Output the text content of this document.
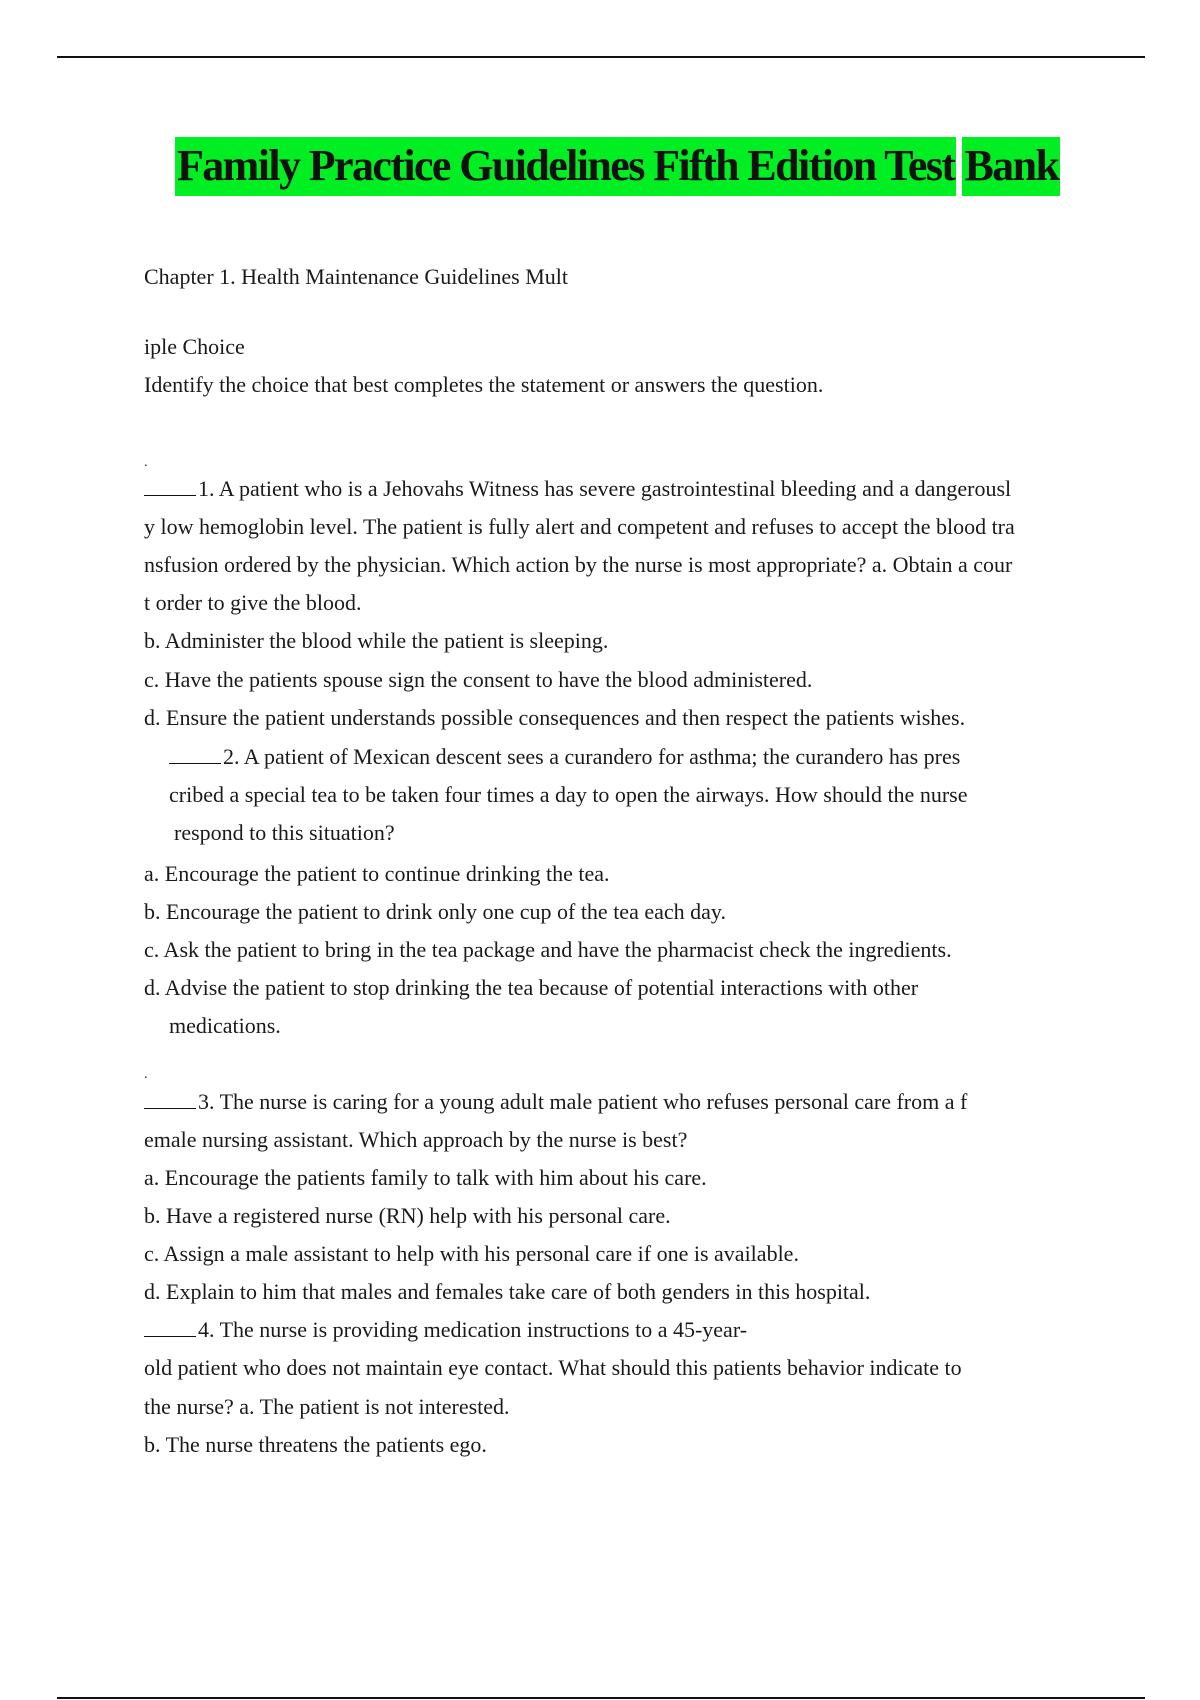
Family Practice Guidelines Fifth Edition Test Bank
Chapter 1. Health Maintenance Guidelines Mult
iple Choice
Identify the choice that best completes the statement or answers the question.
.
1. A patient who is a Jehovahs Witness has severe gastrointestinal bleeding and a dangerousl
y low hemoglobin level. The patient is fully alert and competent and refuses to accept the blood tra
nsfusion ordered by the physician. Which action by the nurse is most appropriate? a. Obtain a cour
t order to give the blood.
b. Administer the blood while the patient is sleeping.
c. Have the patients spouse sign the consent to have the blood administered.
d. Ensure the patient understands possible consequences and then respect the patients wishes.
2. A patient of Mexican descent sees a curandero for asthma; the curandero has pres
cribed a special tea to be taken four times a day to open the airways. How should the nurse
respond to this situation?
a. Encourage the patient to continue drinking the tea.
b. Encourage the patient to drink only one cup of the tea each day.
c. Ask the patient to bring in the tea package and have the pharmacist check the ingredients.
d. Advise the patient to stop drinking the tea because of potential interactions with other
medications.
.
3. The nurse is caring for a young adult male patient who refuses personal care from a f
emale nursing assistant. Which approach by the nurse is best?
a. Encourage the patients family to talk with him about his care.
b. Have a registered nurse (RN) help with his personal care.
c. Assign a male assistant to help with his personal care if one is available.
d. Explain to him that males and females take care of both genders in this hospital.
4. The nurse is providing medication instructions to a 45-year-
old patient who does not maintain eye contact. What should this patients behavior indicate to
the nurse? a. The patient is not interested.
b. The nurse threatens the patients ego.
